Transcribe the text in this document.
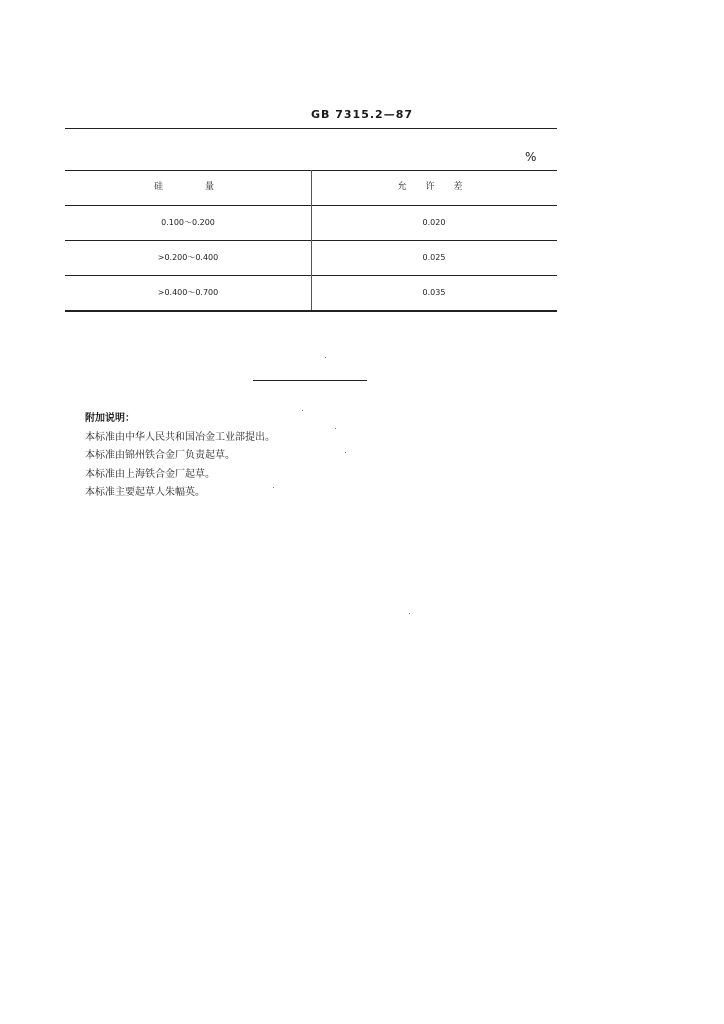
GB 7315.2—87
%
硅　　量	允 许 差
0.100～0.200	0.020
>0.200～0.400	0.025
>0.400～0.700	0.035
附加说明：
本标准由中华人民共和国冶金工业部提出。
本标准由锦州铁合金厂负责起草。
本标准由上海铁合金厂起草。
本标准主要起草人朱幅英。
